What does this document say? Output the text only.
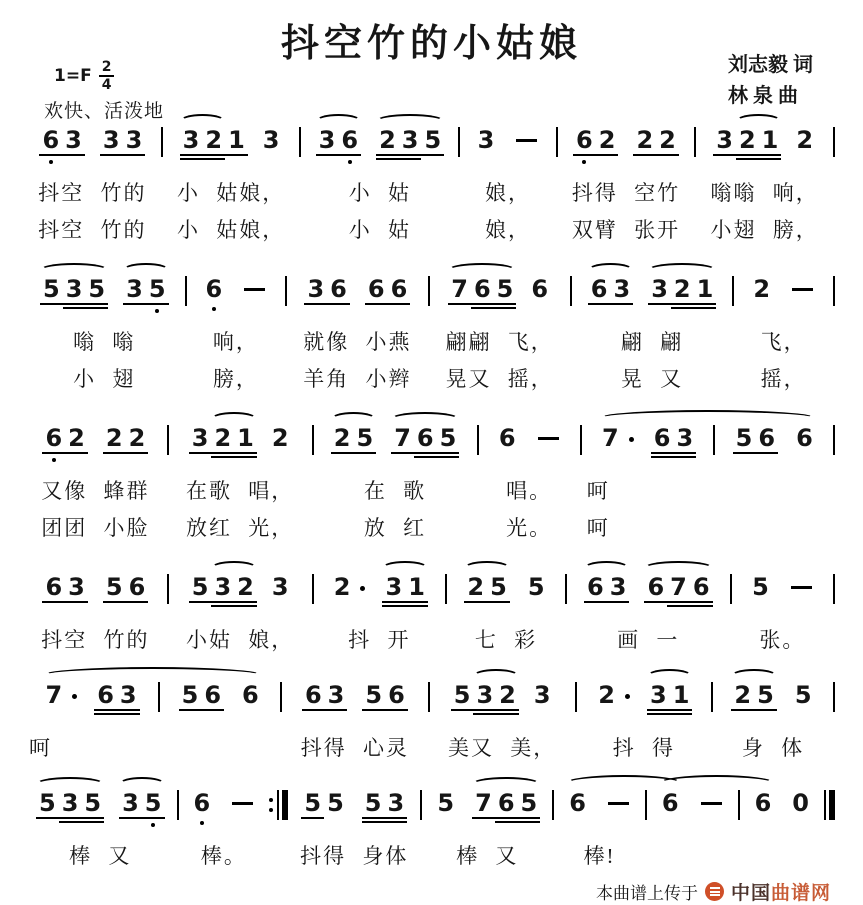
抖空竹的小姑娘
$1=F \frac{2}{4}$
欢快、活泼地
刘志毅 词
林 泉 曲
6 3 3 3
抖空 竹的
抖空 竹的
3 2 1 3
小 姑娘，
小 姑娘，
3 6 2 3 5
小 姑
小 姑
3
娘，
娘，
6 2 2 2
抖得 空竹
双臂 张开
3 2 1 2
嗡嗡 响，
小翅 膀，
5 3 5 3 5
嗡 嗡
小 翅
6
响，
膀，
3 6 6 6
就像 小燕
羊角 小辫
7 6 5 6
翩翩 飞，
晃又 摇，
6 3 3 2 1
翩 翩
晃 又
2
飞，
摇，
6 2 2 2
又像 蜂群
团团 小脸
3 2 1 2
在歌 唱，
放红 光，
2 5 7 6 5
在 歌
放 红
6
唱。
光。
7 6 3
呵
呵
5 6 6

6 3 5 6
抖空 竹的
5 3 2 3
小姑 娘，
2 3 1
抖 开
2 5 5
七 彩
6 3 6 7 6
画 一
5
张。
7 6 3
呵
5 6 6
6 3 5 6
抖得 心灵
5 3 2 3
美又 美，
2 3 1
抖 得
2 5 5
身 体
5 3 5 3 5
棒 又
6
棒。
5 5 5 3
抖得 身体
5 7 6 5
棒 又
6
棒!
6
	6 0

本曲谱上传于 中国曲谱网
